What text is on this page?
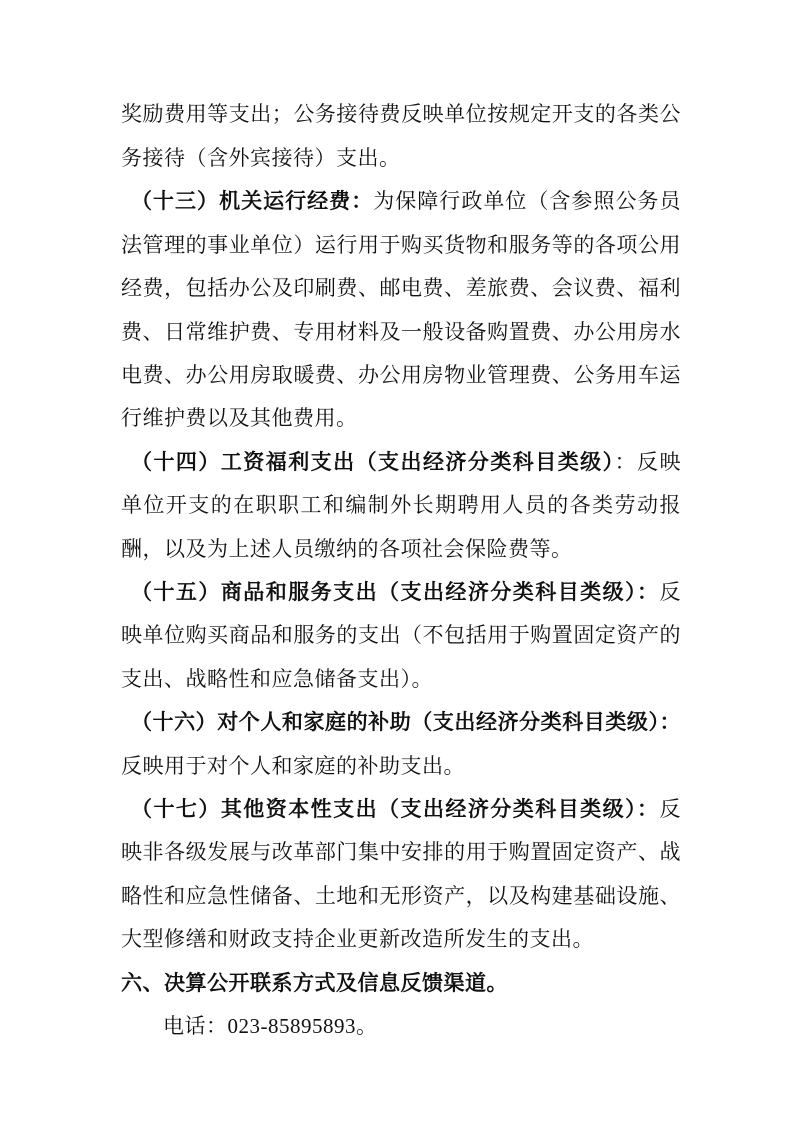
奖励费用等支出；公务接待费反映单位按规定开支的各类公
务接待（含外宾接待）支出。
（十三）机关运行经费：为保障行政单位（含参照公务员
法管理的事业单位）运行用于购买货物和服务等的各项公用
经费，包括办公及印刷费、邮电费、差旅费、会议费、福利
费、日常维护费、专用材料及一般设备购置费、办公用房水
电费、办公用房取暖费、办公用房物业管理费、公务用车运
行维护费以及其他费用。
（十四）工资福利支出（支出经济分类科目类级）：反映
单位开支的在职职工和编制外长期聘用人员的各类劳动报
酬，以及为上述人员缴纳的各项社会保险费等。
（十五）商品和服务支出（支出经济分类科目类级）：反
映单位购买商品和服务的支出（不包括用于购置固定资产的
支出、战略性和应急储备支出）。
（十六）对个人和家庭的补助（支出经济分类科目类级）：
反映用于对个人和家庭的补助支出。
（十七）其他资本性支出（支出经济分类科目类级）：反
映非各级发展与改革部门集中安排的用于购置固定资产、战
略性和应急性储备、土地和无形资产，以及构建基础设施、
大型修缮和财政支持企业更新改造所发生的支出。
六、决算公开联系方式及信息反馈渠道。
电话：023-85895893。
